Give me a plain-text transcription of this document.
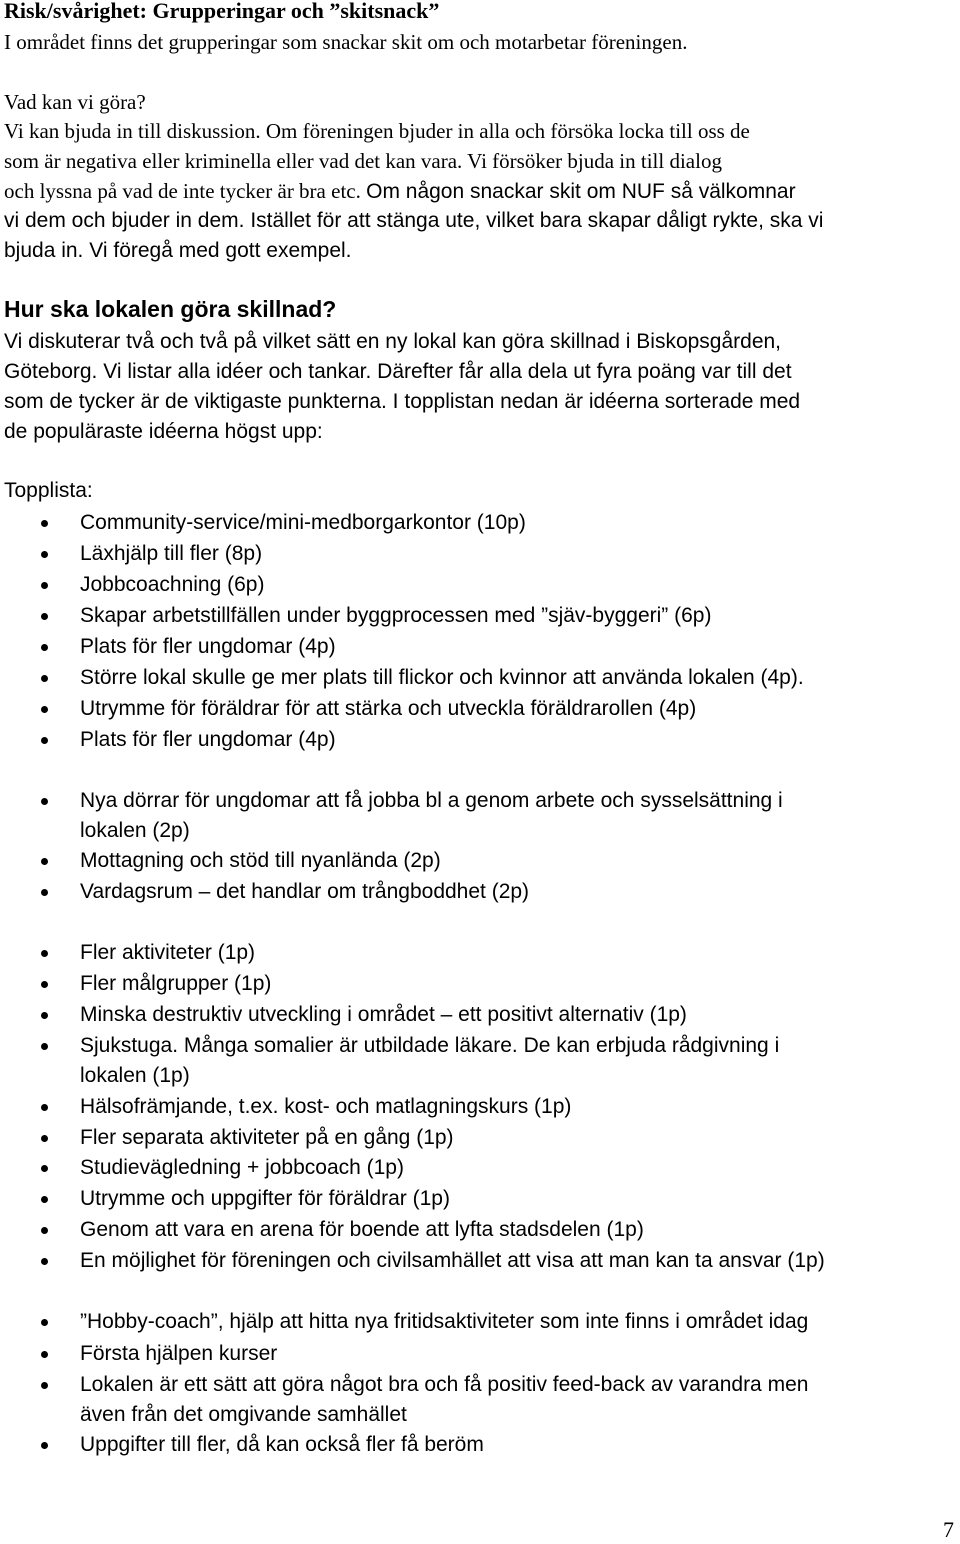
Risk/svårighet: Grupperingar och ”skitsnack”
I området finns det grupperingar som snackar skit om och motarbetar föreningen.
Vad kan vi göra?
Vi kan bjuda in till diskussion. Om föreningen bjuder in alla och försöka locka till oss de
som är negativa eller kriminella eller vad det kan vara. Vi försöker bjuda in till dialog
och lyssna på vad de inte tycker är bra etc. Om någon snackar skit om NUF så välkomnar
vi dem och bjuder in dem. Istället för att stänga ute, vilket bara skapar dåligt rykte, ska vi
bjuda in. Vi föregå med gott exempel.
Hur ska lokalen göra skillnad?
Vi diskuterar två och två på vilket sätt en ny lokal kan göra skillnad i Biskopsgården,
Göteborg. Vi listar alla idéer och tankar. Därefter får alla dela ut fyra poäng var till det
som de tycker är de viktigaste punkterna. I topplistan nedan är idéerna sorterade med
de populäraste idéerna högst upp:
Topplista:
Community-service/mini-medborgarkontor (10p)
Läxhjälp till fler (8p)
Jobbcoachning (6p)
Skapar arbetstillfällen under byggprocessen med ”sjäv-byggeri” (6p)
Plats för fler ungdomar (4p)
Större lokal skulle ge mer plats till flickor och kvinnor att använda lokalen (4p).
Utrymme för föräldrar för att stärka och utveckla föräldrarollen (4p)
Plats för fler ungdomar (4p)
Nya dörrar för ungdomar att få jobba bl a genom arbete och sysselsättning i
lokalen (2p)
Mottagning och stöd till nyanlända (2p)
Vardagsrum – det handlar om trångboddhet (2p)
Fler aktiviteter (1p)
Fler målgrupper (1p)
Minska destruktiv utveckling i området – ett positivt alternativ (1p)
Sjukstuga. Många somalier är utbildade läkare. De kan erbjuda rådgivning i
lokalen (1p)
Hälsofrämjande, t.ex. kost- och matlagningskurs (1p)
Fler separata aktiviteter på en gång (1p)
Studievägledning + jobbcoach (1p)
Utrymme och uppgifter för föräldrar (1p)
Genom att vara en arena för boende att lyfta stadsdelen (1p)
En möjlighet för föreningen och civilsamhället att visa att man kan ta ansvar (1p)
”Hobby-coach”, hjälp att hitta nya fritidsaktiviteter som inte finns i området idag
Första hjälpen kurser
Lokalen är ett sätt att göra något bra och få positiv feed-back av varandra men
även från det omgivande samhället
Uppgifter till fler, då kan också fler få beröm
7
